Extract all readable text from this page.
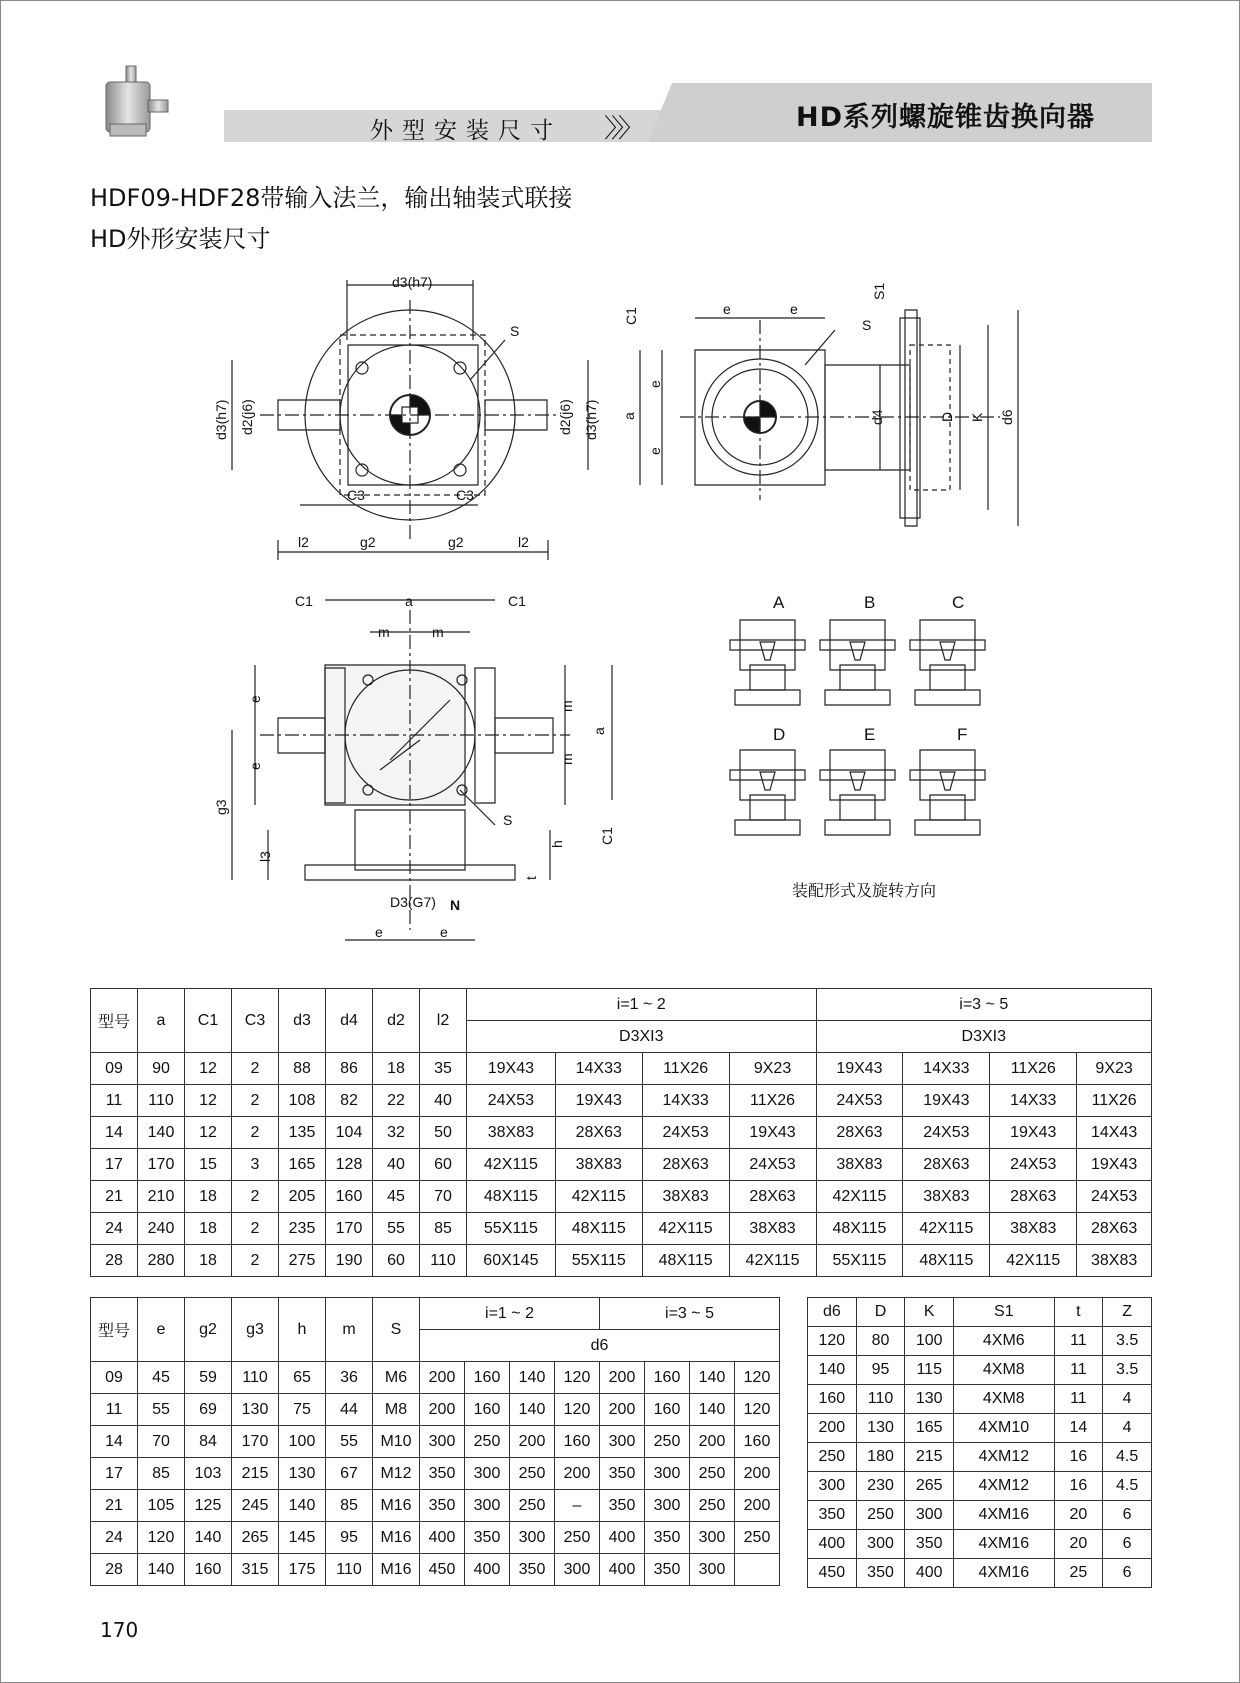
外型安装尺寸 〉〉〉	HD系列螺旋锥齿换向器
HDF09-HDF28带输入法兰，输出轴装式联接
HD外形安装尺寸
d3(h7)
S
d3(h7) d2(j6)	d2(j6) d3(h7)
C3	C3
l2	g2	g2	l2
C1	e	e
S1
S
a
e
e
d4	D K d6
C1	a	C1
m	m
e
e
m
m
a
g3
l3
h
t
C1
S
D3(G7) N
e	e
A	B	C
D	E	F
装配形式及旋转方向
型号	a	C1	C3	d3	d4	d2	l2	i=1 ~ 2				i=3 ~ 5			
								D3XI3				D3XI3			
09	90	12	2	88	86	18	35	19X43	14X33	11X26	9X23	19X43	14X33	11X26	9X23
11	110	12	2	108	82	22	40	24X53	19X43	14X33	11X26	24X53	19X43	14X33	11X26
14	140	12	2	135	104	32	50	38X83	28X63	24X53	19X43	28X63	24X53	19X43	14X43
17	170	15	3	165	128	40	60	42X115	38X83	28X63	24X53	38X83	28X63	24X53	19X43
21	210	18	2	205	160	45	70	48X115	42X115	38X83	28X63	42X115	38X83	28X63	24X53
24	240	18	2	235	170	55	85	55X115	48X115	42X115	38X83	48X115	42X115	38X83	28X63
28	280	18	2	275	190	60	110	60X145	55X115	48X115	42X115	55X115	48X115	42X115	38X83
型号	e	g2	g3	h	m	S	i=1 ~ 2				i=3 ~ 5			
							d6							
09	45	59	110	65	36	M6	200	160	140	120	200	160	140	120
11	55	69	130	75	44	M8	200	160	140	120	200	160	140	120
14	70	84	170	100	55	M10	300	250	200	160	300	250	200	160
17	85	103	215	130	67	M12	350	300	250	200	350	300	250	200
21	105	125	245	140	85	M16	350	300	250	–	350	300	250	200
24	120	140	265	145	95	M16	400	350	300	250	400	350	300	250
28	140	160	315	175	110	M16	450	400	350	300	400	350	300	
d6	D	K	S1	t	Z
120	80	100	4XM6	11	3.5
140	95	115	4XM8	11	3.5
160	110	130	4XM8	11	4
200	130	165	4XM10	14	4
250	180	215	4XM12	16	4.5
300	230	265	4XM12	16	4.5
350	250	300	4XM16	20	6
400	300	350	4XM16	20	6
450	350	400	4XM16	25	6
170
